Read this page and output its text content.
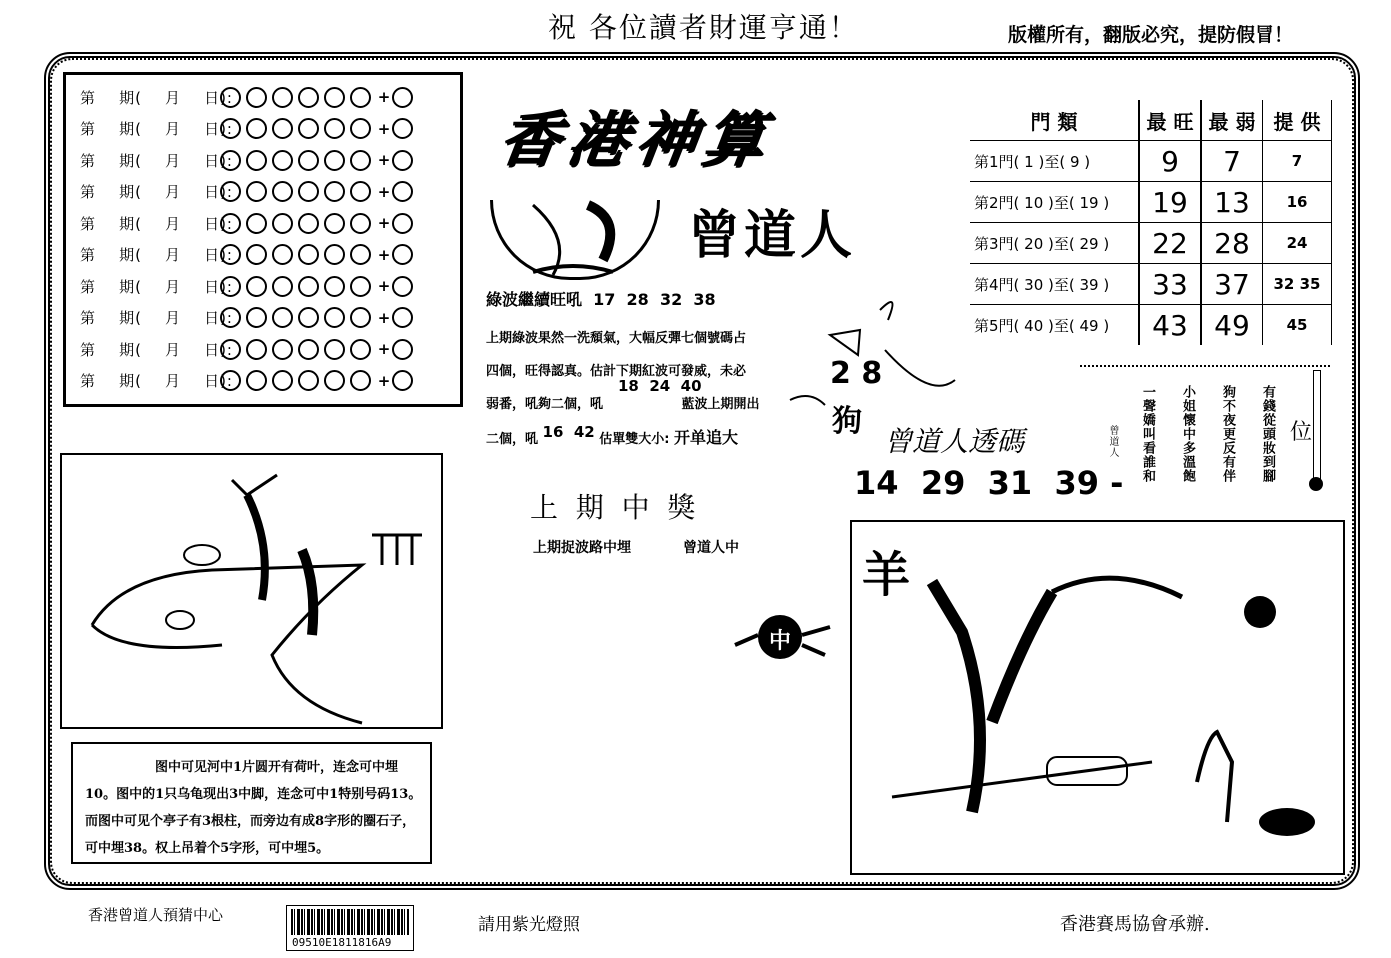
祝 各位讀者財運亨通！	版權所有，翻版必究，提防假冒！
第    期(    月    日):	+
第    期(    月    日):	+
第    期(    月    日):	+
第    期(    月    日):	+
第    期(    月    日):	+
第    期(    月    日):	+
第    期(    月    日):	+
第    期(    月    日):	+
第    期(    月    日):	+
第    期(    月    日):	+
香港神算
曾道人
綠波繼續旺吼  17  28  32  38
上期綠波果然一洗頹氣，大幅反彈七個號碼占
四個，旺得認真。估計下期紅波可發威，未必
弱番，吼夠二個，吼
18  24  40
藍波上期開出
二個，吼 16  42 估單雙大小: 开单追大
上  期  中  獎
上期捉波路中埋	曾道人中
門 類	最 旺	最 弱	提 供
第1門( 1 )至( 9 )	9	7	7
第2門( 10 )至( 19 )	19	13	16
第3門( 20 )至( 29 )	22	28	24
第4門( 30 )至( 39 )	33	37	32 35
第5門( 40 )至( 49 )	43	49	45
2 8
狗
曾道人 一聲嬌叫看誰和 小姐懷中多溫飽 狗不夜更反有伴 有錢從頭妝到腳 位
曾道人透碼
14  29  31  39 -
图中可见河中1片圆开有荷叶，连念可中埋10。图中的1只乌龟现出3中脚，连念可中1特别号码13。而图中可见个亭子有3根柱，而旁边有成8字形的圈石子，可中埋38。权上吊着个5字形，可中埋5。
中
羊
香港曾道人預猜中心
09510E1811816A9
請用紫光燈照	香港賽馬協會承辦.
